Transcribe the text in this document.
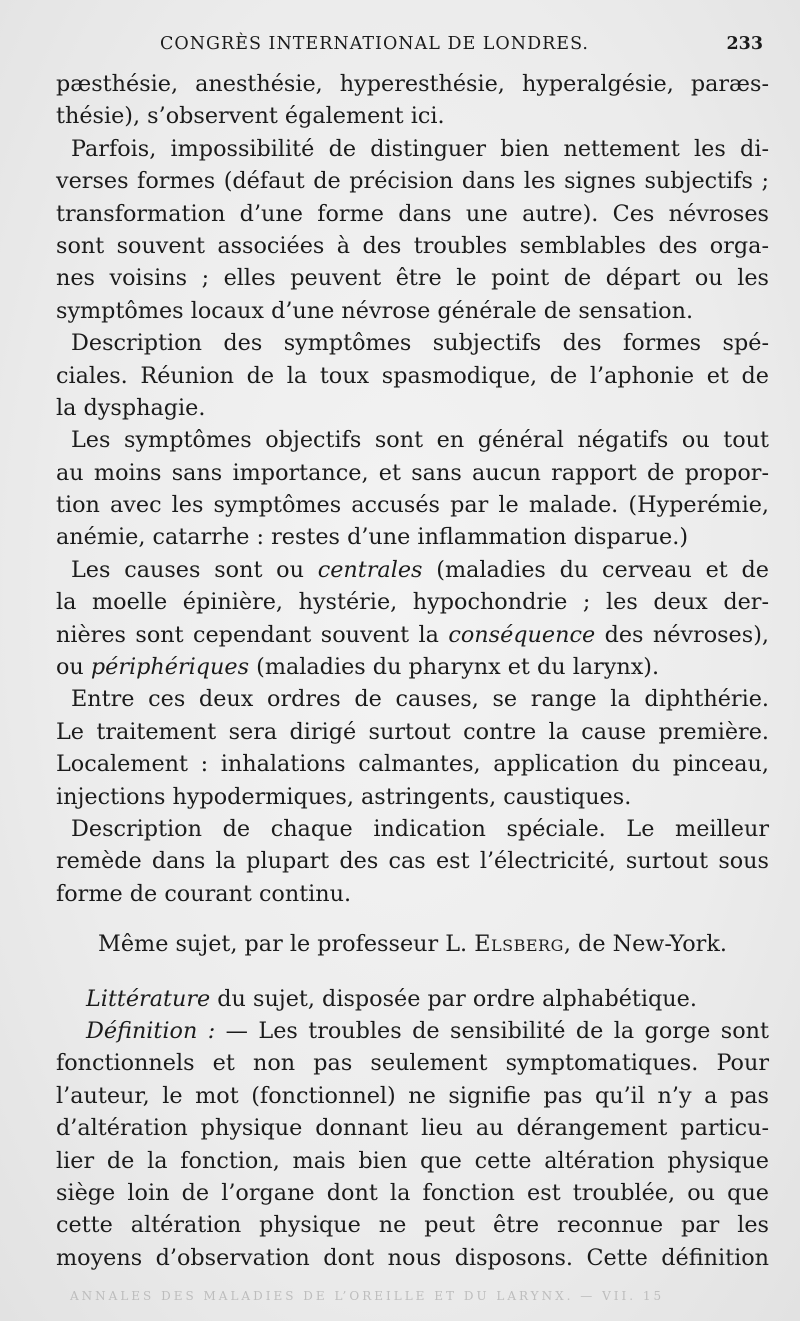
CONGRÈS INTERNATIONAL DE LONDRES.	233
pæsthésie, anesthésie, hyperesthésie, hyperalgésie, paræs-
thésie), s’observent également ici.
Parfois, impossibilité de distinguer bien nettement les di-
verses formes (défaut de précision dans les signes subjectifs ;
transformation d’une forme dans une autre). Ces névroses
sont souvent associées à des troubles semblables des orga-
nes voisins ; elles peuvent être le point de départ ou les
symptômes locaux d’une névrose générale de sensation.
Description des symptômes subjectifs des formes spé-
ciales. Réunion de la toux spasmodique, de l’aphonie et de
la dysphagie.
Les symptômes objectifs sont en général négatifs ou tout
au moins sans importance, et sans aucun rapport de propor-
tion avec les symptômes accusés par le malade. (Hyperémie,
anémie, catarrhe : restes d’une inflammation disparue.)
Les causes sont ou centrales (maladies du cerveau et de
la moelle épinière, hystérie, hypochondrie ; les deux der-
nières sont cependant souvent la conséquence des névroses),
ou périphériques (maladies du pharynx et du larynx).
Entre ces deux ordres de causes, se range la diphthérie.
Le traitement sera dirigé surtout contre la cause première.
Localement : inhalations calmantes, application du pinceau,
injections hypodermiques, astringents, caustiques.
Description de chaque indication spéciale. Le meilleur
remède dans la plupart des cas est l’électricité, surtout sous
forme de courant continu.
Même sujet, par le professeur L. Elsberg, de New-York.
Littérature du sujet, disposée par ordre alphabétique.
Définition : — Les troubles de sensibilité de la gorge sont
fonctionnels et non pas seulement symptomatiques. Pour
l’auteur, le mot (fonctionnel) ne signifie pas qu’il n’y a pas
d’altération physique donnant lieu au dérangement particu-
lier de la fonction, mais bien que cette altération physique
siège loin de l’organe dont la fonction est troublée, ou que
cette altération physique ne peut être reconnue par les
moyens d’observation dont nous disposons. Cette définition
ANNALES DES MALADIES DE L’OREILLE ET DU LARYNX. — VII. 15
